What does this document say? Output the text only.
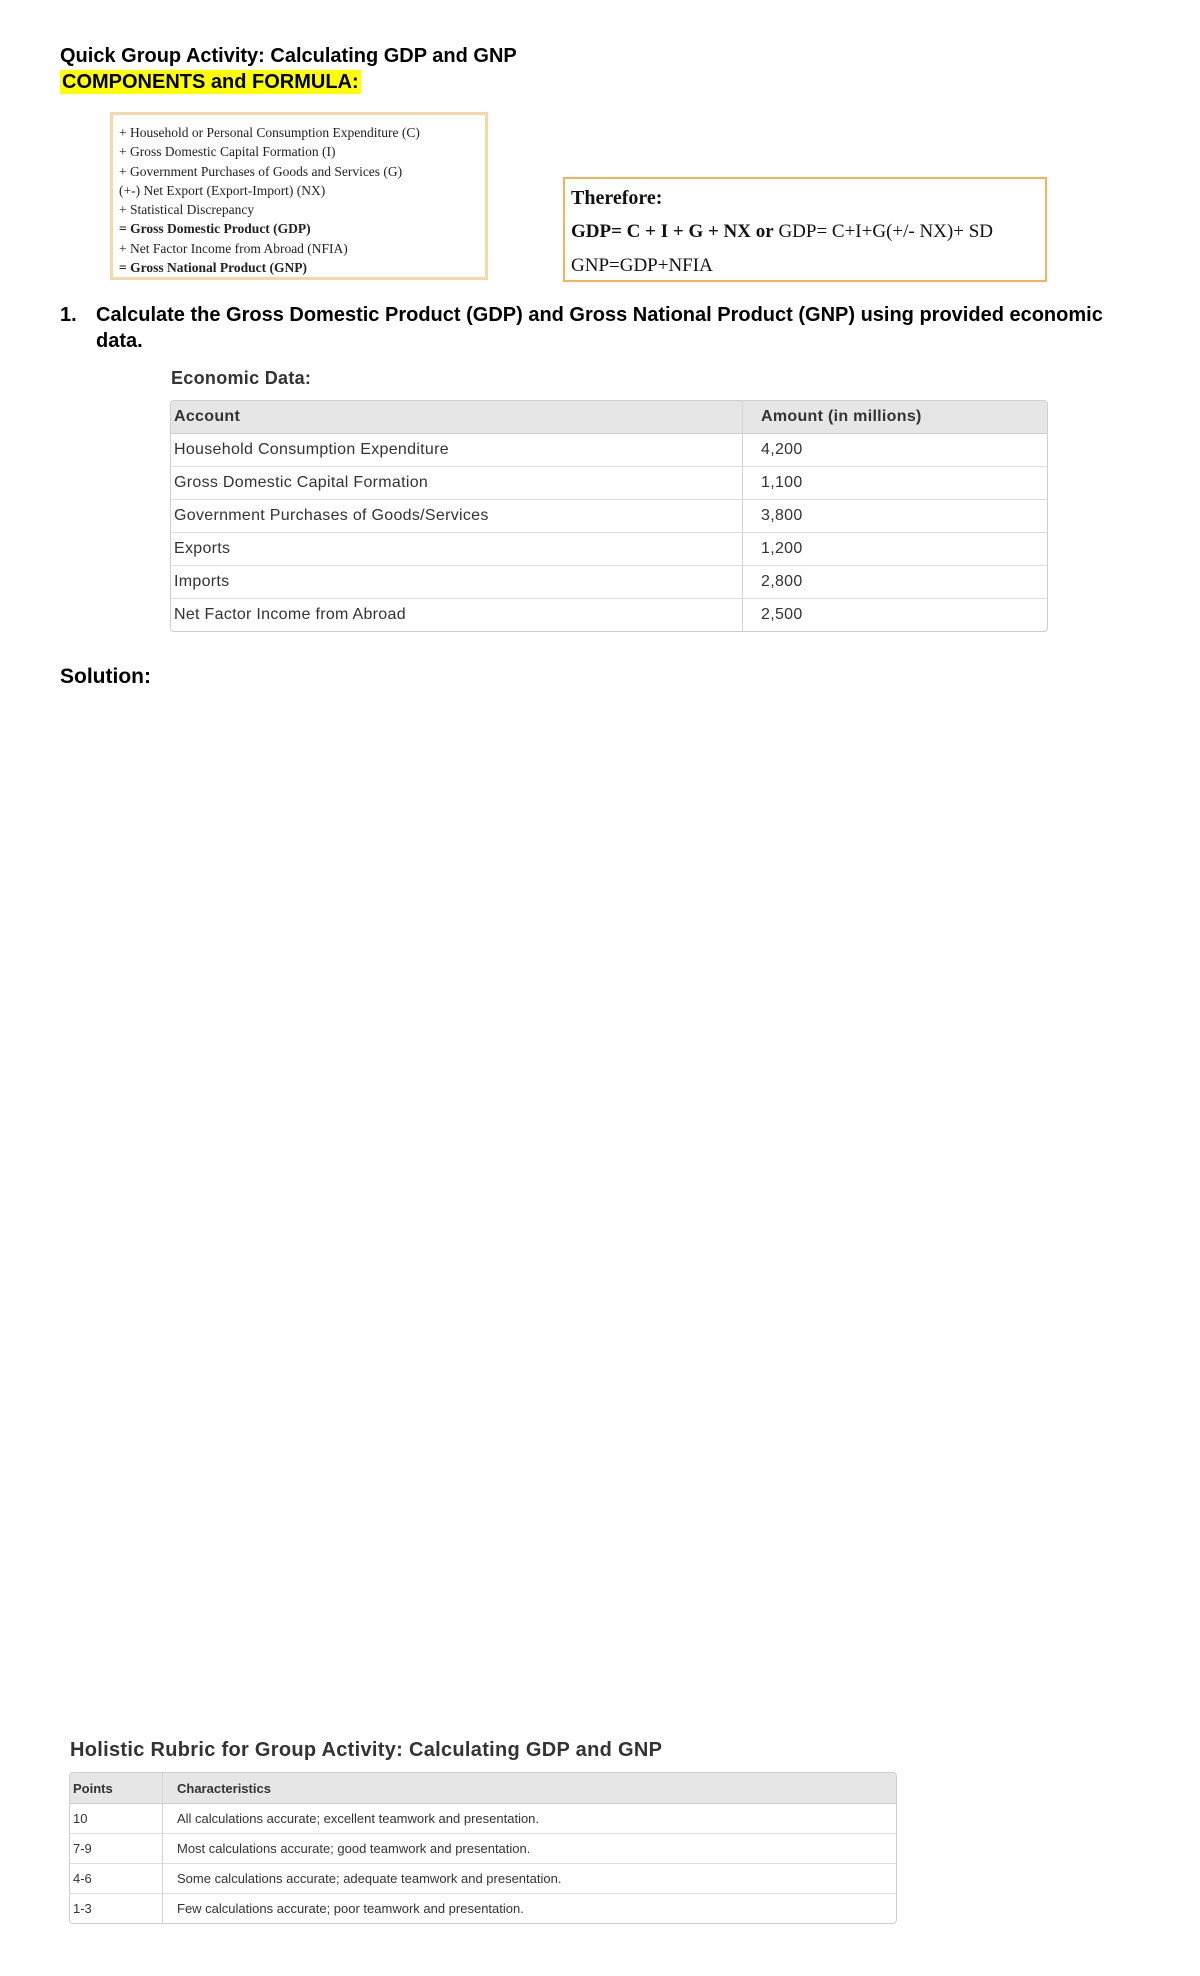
Quick Group Activity: Calculating GDP and GNP
COMPONENTS and FORMULA:
+ Household or Personal Consumption Expenditure (C)
+ Gross Domestic Capital Formation (I)
+ Government Purchases of Goods and Services (G)
(+-) Net Export (Export-Import) (NX)
+ Statistical Discrepancy
= Gross Domestic Product (GDP)
+ Net Factor Income from Abroad (NFIA)
= Gross National Product (GNP)
Therefore:
GDP= C + I + G + NX or GDP= C+I+G(+/- NX)+ SD
GNP=GDP+NFIA
1. Calculate the Gross Domestic Product (GDP) and Gross National Product (GNP) using provided economic data.
Economic Data:
Account	Amount (in millions)
Household Consumption Expenditure	4,200
Gross Domestic Capital Formation	1,100
Government Purchases of Goods/Services	3,800
Exports	1,200
Imports	2,800
Net Factor Income from Abroad	2,500
Solution:
Holistic Rubric for Group Activity: Calculating GDP and GNP
Points	Characteristics
10	All calculations accurate; excellent teamwork and presentation.
7-9	Most calculations accurate; good teamwork and presentation.
4-6	Some calculations accurate; adequate teamwork and presentation.
1-3	Few calculations accurate; poor teamwork and presentation.
